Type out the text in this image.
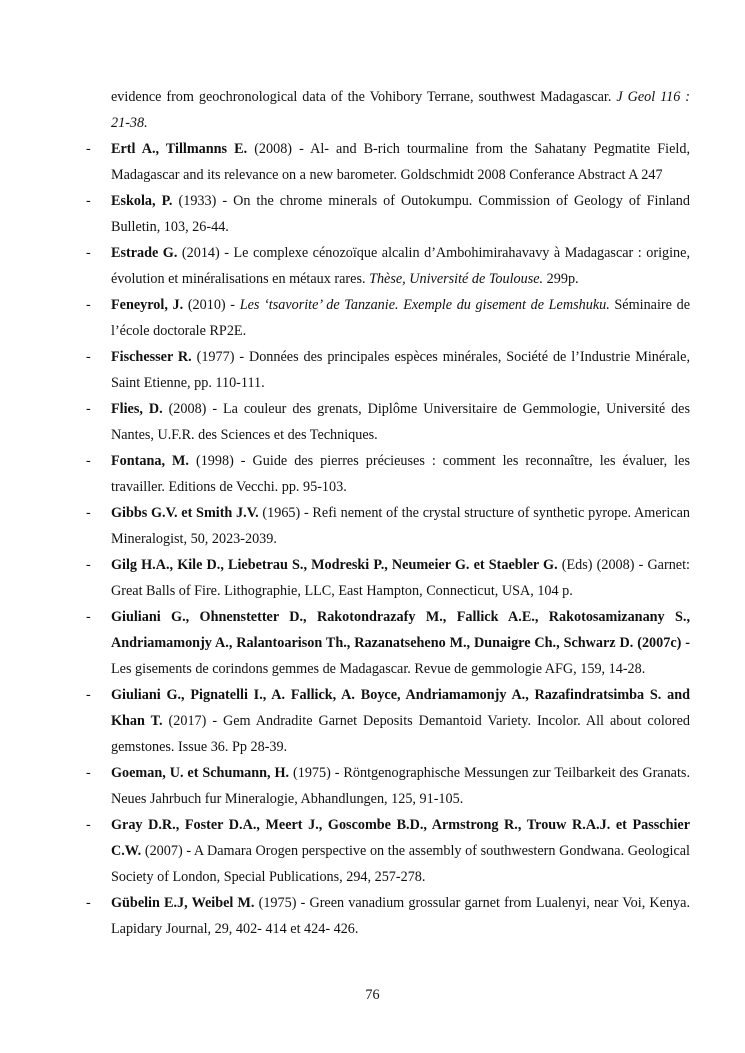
evidence from geochronological data of the Vohibory Terrane, southwest Madagascar. J Geol 116 : 21-38.
- Ertl A., Tillmanns E. (2008) - Al- and B-rich tourmaline from the Sahatany Pegmatite Field, Madagascar and its relevance on a new barometer. Goldschmidt 2008 Conferance Abstract A 247
- Eskola, P. (1933) - On the chrome minerals of Outokumpu. Commission of Geology of Finland Bulletin, 103, 26-44.
- Estrade G. (2014) - Le complexe cénozoïque alcalin d’Ambohimirahavavy à Madagascar : origine, évolution et minéralisations en métaux rares. Thèse, Université de Toulouse. 299p.
- Feneyrol, J. (2010) - Les ‘tsavorite’ de Tanzanie. Exemple du gisement de Lemshuku. Séminaire de l’école doctorale RP2E.
- Fischesser R. (1977) - Données des principales espèces minérales, Société de l’Industrie Minérale, Saint Etienne, pp. 110-111.
- Flies, D. (2008) - La couleur des grenats, Diplôme Universitaire de Gemmologie, Université des Nantes, U.F.R. des Sciences et des Techniques.
- Fontana, M. (1998) - Guide des pierres précieuses : comment les reconnaître, les évaluer, les travailler. Editions de Vecchi. pp. 95-103.
- Gibbs G.V. et Smith J.V. (1965) - Refi nement of the crystal structure of synthetic pyrope. American Mineralogist, 50, 2023-2039.
- Gilg H.A., Kile D., Liebetrau S., Modreski P., Neumeier G. et Staebler G. (Eds) (2008) - Garnet: Great Balls of Fire. Lithographie, LLC, East Hampton, Connecticut, USA, 104 p.
- Giuliani G., Ohnenstetter D., Rakotondrazafy M., Fallick A.E., Rakotosamizanany S., Andriamamonjy A., Ralantoarison Th., Razanatseheno M., Dunaigre Ch., Schwarz D. (2007c) - Les gisements de corindons gemmes de Madagascar. Revue de gemmologie AFG, 159, 14-28.
- Giuliani G., Pignatelli I., A. Fallick, A. Boyce, Andriamamonjy A., Razafindratsimba S. and Khan T. (2017) - Gem Andradite Garnet Deposits Demantoid Variety. Incolor. All about colored gemstones. Issue 36. Pp 28-39.
- Goeman, U. et Schumann, H. (1975) - Röntgenographische Messungen zur Teilbarkeit des Granats. Neues Jahrbuch fur Mineralogie, Abhandlungen, 125, 91-105.
- Gray D.R., Foster D.A., Meert J., Goscombe B.D., Armstrong R., Trouw R.A.J. et Passchier C.W. (2007) - A Damara Orogen perspective on the assembly of southwestern Gondwana. Geological Society of London, Special Publications, 294, 257-278.
- Gübelin E.J, Weibel M. (1975) - Green vanadium grossular garnet from Lualenyi, near Voi, Kenya. Lapidary Journal, 29, 402- 414 et 424- 426.
76
